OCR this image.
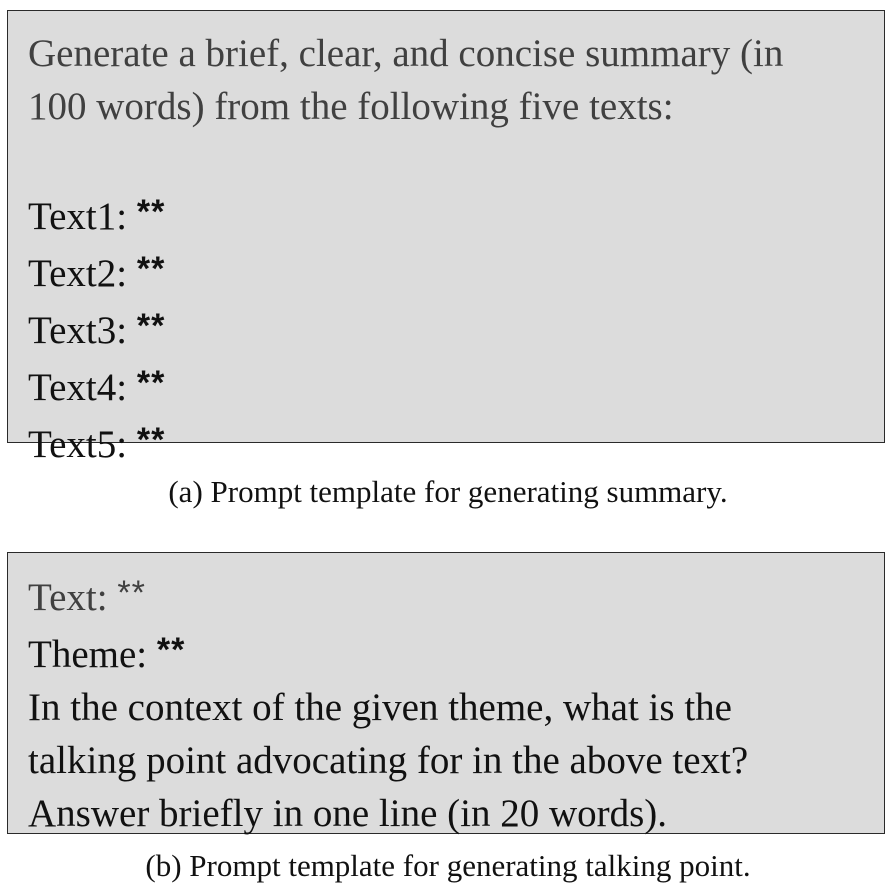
Generate a brief, clear, and concise summary (in
100 words) from the following five texts:
Text1: **
Text2: **
Text3: **
Text4: **
Text5: **
(a) Prompt template for generating summary.
Text: **
Theme: **
In the context of the given theme, what is the
talking point advocating for in the above text?
Answer briefly in one line (in 20 words).
(b) Prompt template for generating talking point.
